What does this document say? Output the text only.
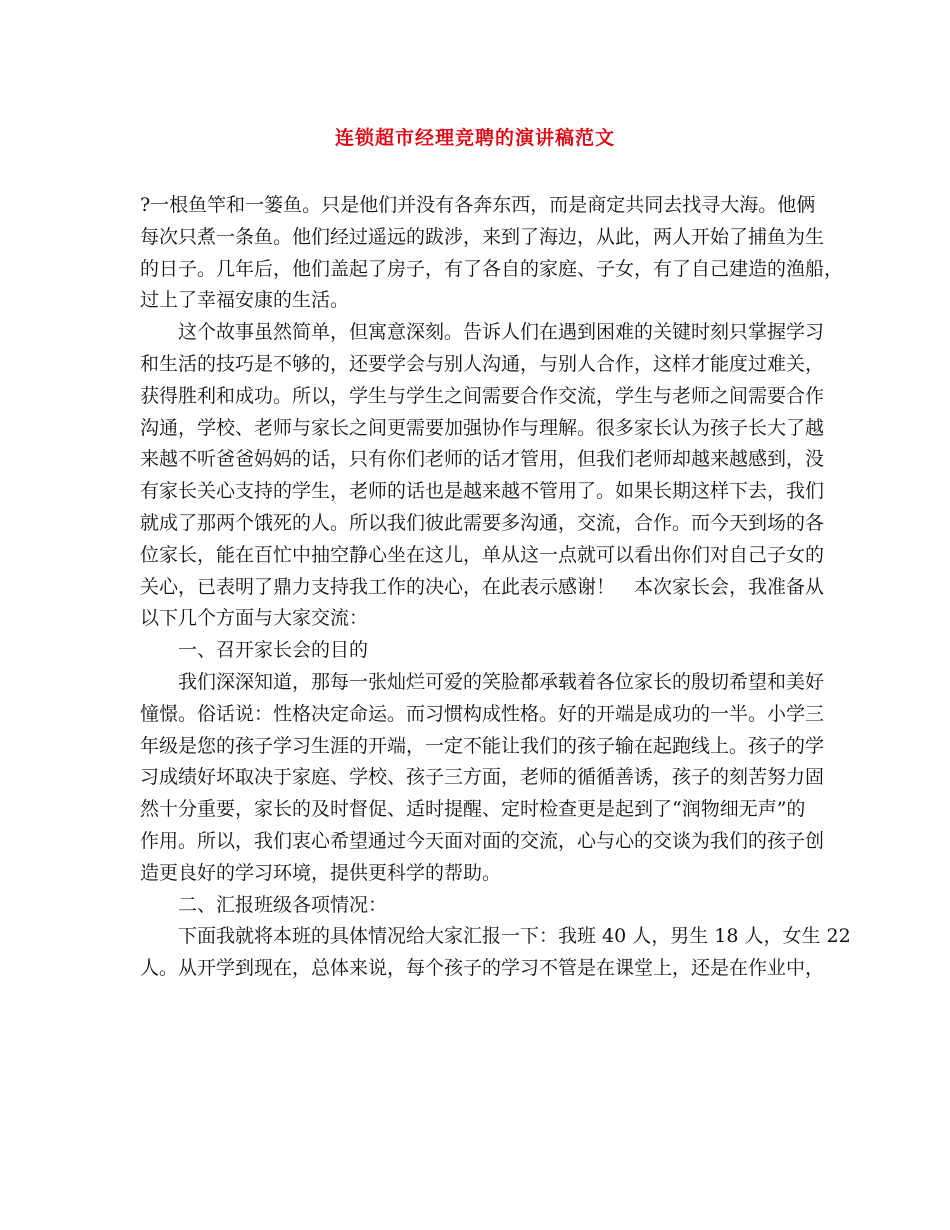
连锁超市经理竞聘的演讲稿范文
?一根鱼竿和一篓鱼。只是他们并没有各奔东西，而是商定共同去找寻大海。他俩
每次只煮一条鱼。他们经过遥远的跋涉，来到了海边，从此，两人开始了捕鱼为生
的日子。几年后，他们盖起了房子，有了各自的家庭、子女，有了自己建造的渔船，
过上了幸福安康的生活。
　　这个故事虽然简单，但寓意深刻。告诉人们在遇到困难的关键时刻只掌握学习
和生活的技巧是不够的，还要学会与别人沟通，与别人合作，这样才能度过难关，
获得胜利和成功。所以，学生与学生之间需要合作交流，学生与老师之间需要合作
沟通，学校、老师与家长之间更需要加强协作与理解。很多家长认为孩子长大了越
来越不听爸爸妈妈的话，只有你们老师的话才管用，但我们老师却越来越感到，没
有家长关心支持的学生，老师的话也是越来越不管用了。如果长期这样下去，我们
就成了那两个饿死的人。所以我们彼此需要多沟通，交流，合作。而今天到场的各
位家长，能在百忙中抽空静心坐在这儿，单从这一点就可以看出你们对自己子女的
关心，已表明了鼎力支持我工作的决心，在此表示感谢！　本次家长会，我准备从
以下几个方面与大家交流：
　　一、召开家长会的目的
　　我们深深知道，那每一张灿烂可爱的笑脸都承载着各位家长的殷切希望和美好
憧憬。俗话说：性格决定命运。而习惯构成性格。好的开端是成功的一半。小学三
年级是您的孩子学习生涯的开端，一定不能让我们的孩子输在起跑线上。孩子的学
习成绩好坏取决于家庭、学校、孩子三方面，老师的循循善诱，孩子的刻苦努力固
然十分重要，家长的及时督促、适时提醒、定时检查更是起到了“润物细无声”的
作用。所以，我们衷心希望通过今天面对面的交流，心与心的交谈为我们的孩子创
造更良好的学习环境，提供更科学的帮助。
　　二、汇报班级各项情况：
　　下面我就将本班的具体情况给大家汇报一下：我班 40 人，男生 18 人，女生 22
人。从开学到现在，总体来说，每个孩子的学习不管是在课堂上，还是在作业中，
